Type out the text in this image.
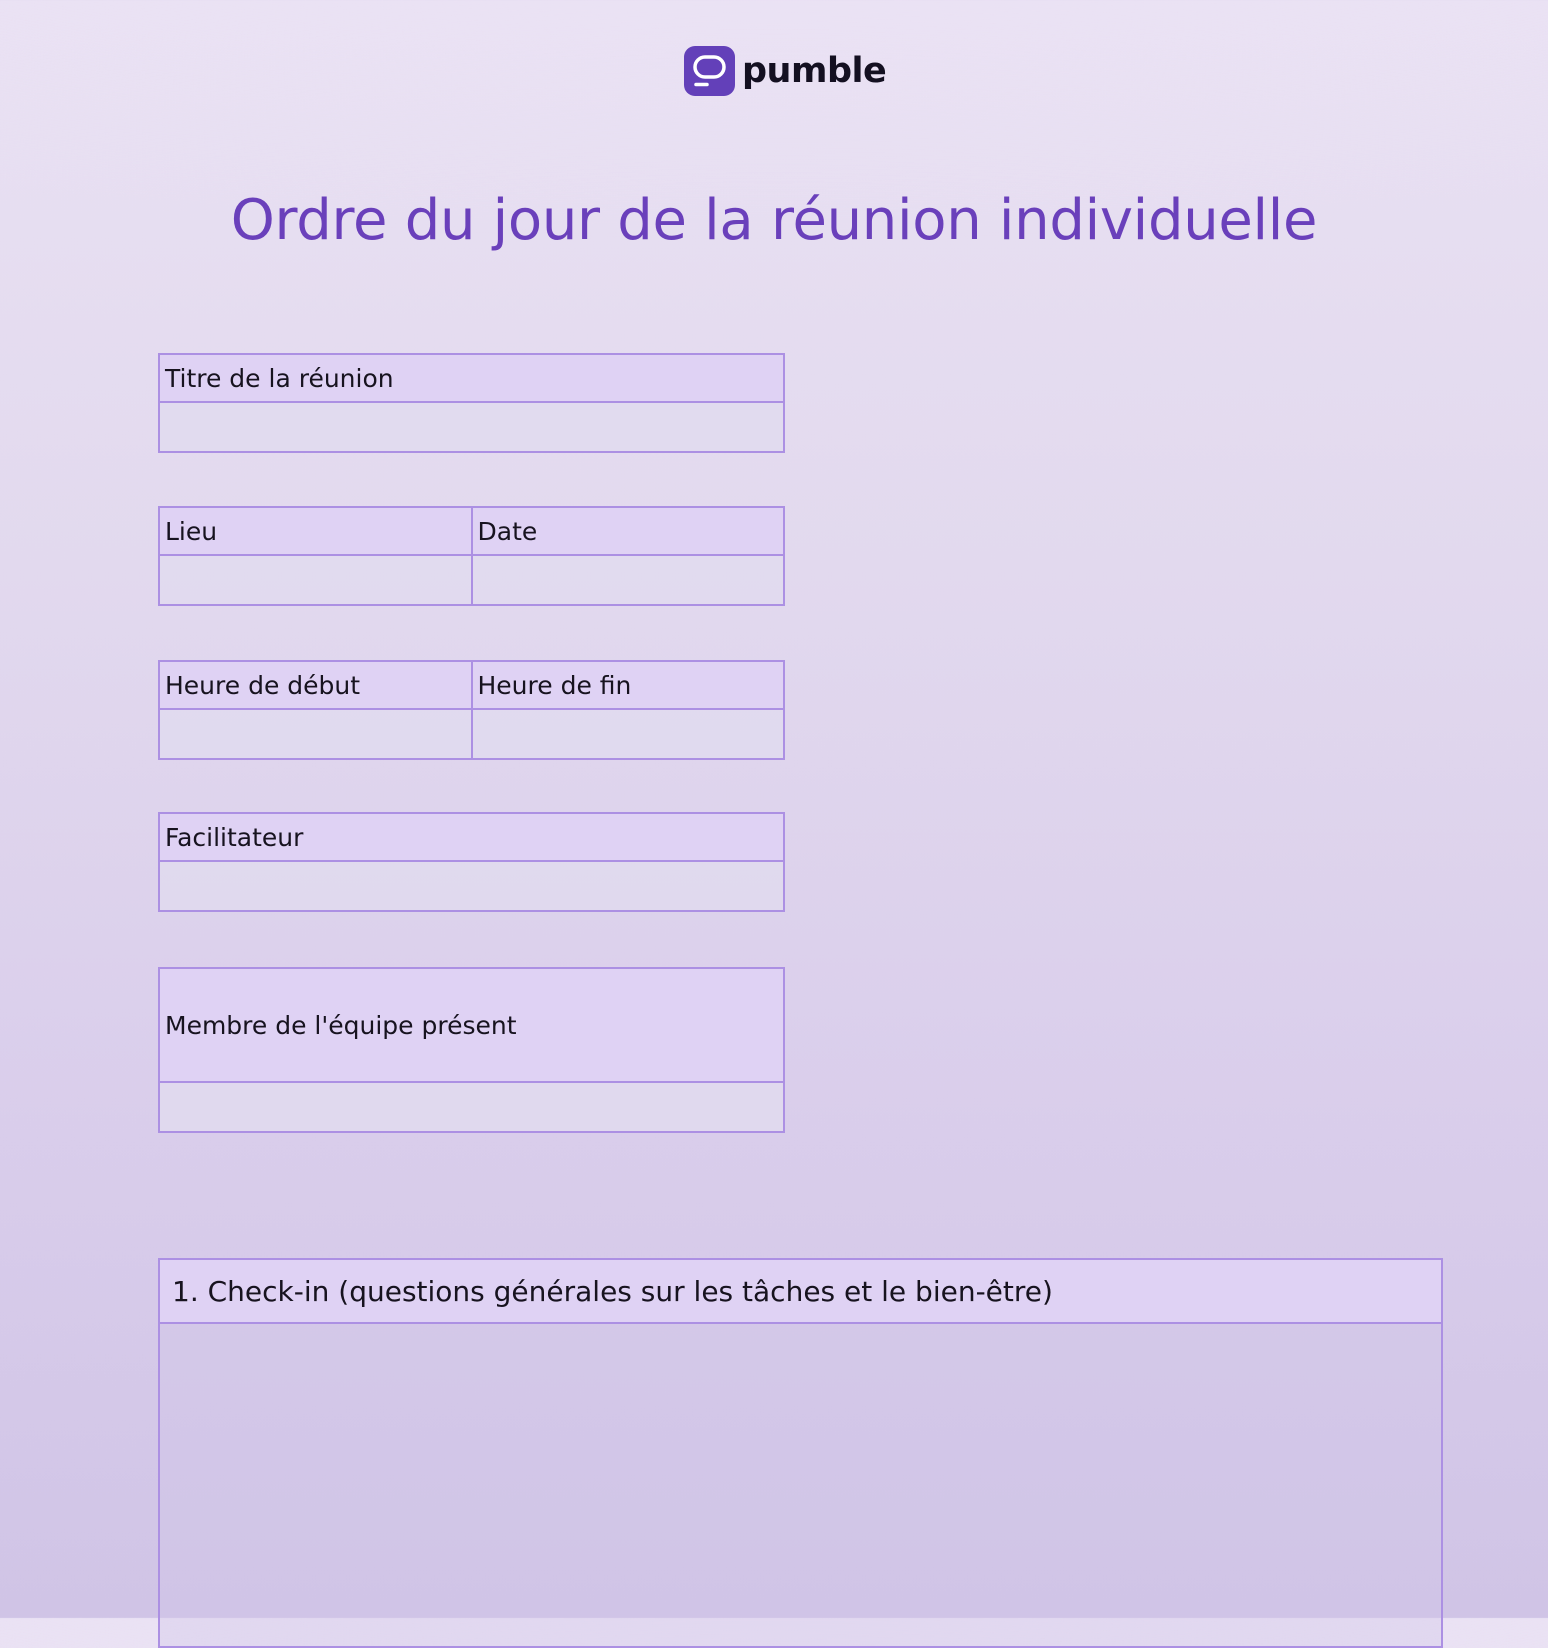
pumble
Ordre du jour de la réunion individuelle
Titre de la réunion

Lieu	Date

Heure de début	Heure de fin

Facilitateur

Membre de l'équipe présent

1. Check-in (questions générales sur les tâches et le bien-être)
